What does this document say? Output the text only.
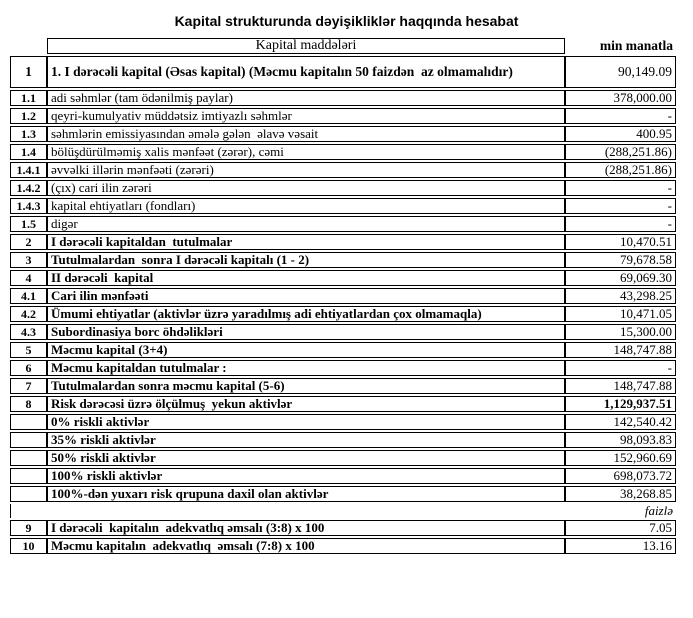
Kapital strukturunda dəyişikliklər haqqında hesabat
	Kapital maddələri	min manatla
1	1. I dərəcəli kapital (Əsas kapital) (Məcmu kapitalın 50 faizdən  az olmamalıdır)	90,149.09
1.1	adi səhmlər (tam ödənilmiş paylar)	378,000.00
1.2	qeyri-kumulyativ müddətsiz imtiyazlı səhmlər	-
1.3	səhmlərin emissiyasından əmələ gələn  əlavə vəsait	400.95
1.4	bölüşdürülməmiş xalis mənfəət (zərər), cəmi	(288,251.86)
1.4.1	əvvəlki illərin mənfəəti (zərəri)	(288,251.86)
1.4.2	(çıx) cari ilin zərəri	-
1.4.3	kapital ehtiyatları (fondları)	-
1.5	digər	-
2	I dərəcəli kapitaldan  tutulmalar	10,470.51
3	Tutulmalardan  sonra I dərəcəli kapitalı (1 - 2)	79,678.58
4	II dərəcəli  kapital	69,069.30
4.1	Cari ilin mənfəəti	43,298.25
4.2	Ümumi ehtiyatlar (aktivlər üzrə yaradılmış adi ehtiyatlardan çox olmamaqla)	10,471.05
4.3	Subordinasiya borc öhdəlikləri	15,300.00
5	Məcmu kapital (3+4)	148,747.88
6	Məcmu kapitaldan tutulmalar :	-
7	Tutulmalardan sonra məcmu kapital (5-6)	148,747.88
8	Risk dərəcəsi üzrə ölçülmuş  yekun aktivlər	1,129,937.51
	0% riskli aktivlər	142,540.42
	35% riskli aktivlər	98,093.83
	50% riskli aktivlər	152,960.69
	100% riskli aktivlər	698,073.72
	100%-dən yuxarı risk qrupuna daxil olan aktivlər	38,268.85
faizlə		
9	I dərəcəli  kapitalın  adekvatlıq əmsalı (3:8) x 100	7.05
10	Məcmu kapitalın  adekvatlıq  əmsalı (7:8) x 100	13.16
